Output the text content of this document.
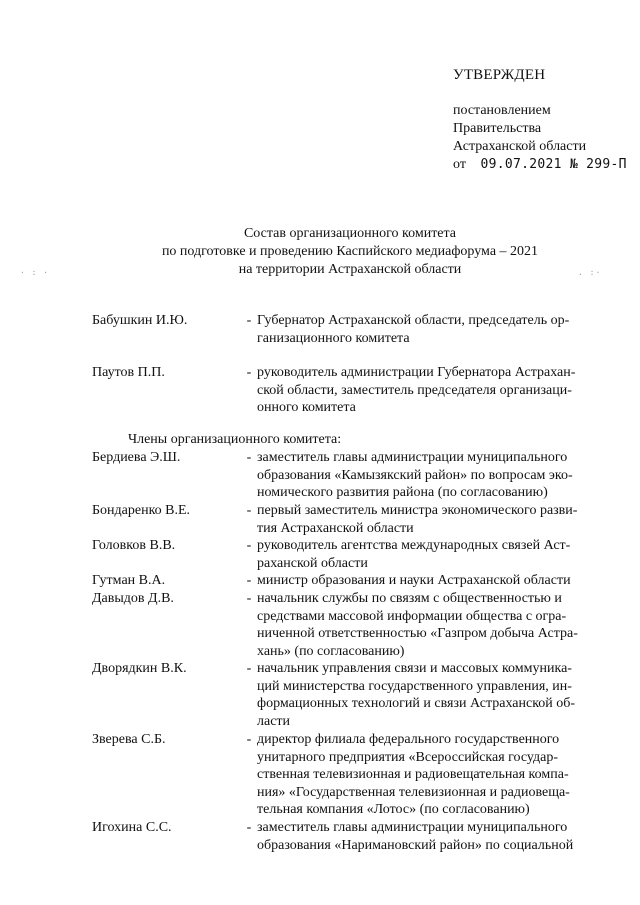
УТВЕРЖДЕН
постановлением
Правительства
Астраханской области
от 09.07.2021 № 299-П
· : ·	. :·
Состав организационного комитета
по подготовке и проведению Каспийского медиафорума – 2021
на территории Астраханской области
Бабушкин И.Ю.	- Губернатор Астраханской области, председатель ор-
ганизационного комитета
Паутов П.П.	- руководитель администрации Губернатора Астрахан-
ской области, заместитель председателя организаци-
онного комитета
Члены организационного комитета:
Бердиева Э.Ш.	- заместитель главы администрации муниципального
образования «Камызякский район» по вопросам эко-
номического развития района (по согласованию)
Бондаренко В.Е.	- первый заместитель министра экономического разви-
тия Астраханской области
Головков В.В.	- руководитель агентства международных связей Аст-
раханской области
Гутман В.А.	- министр образования и науки Астраханской области
Давыдов Д.В.	- начальник службы по связям с общественностью и
средствами массовой информации общества с огра-
ниченной ответственностью «Газпром добыча Астра-
хань» (по согласованию)
Дворядкин В.К.	- начальник управления связи и массовых коммуника-
ций министерства государственного управления, ин-
формационных технологий и связи Астраханской об-
ласти
Зверева С.Б.	- директор филиала федерального государственного
унитарного предприятия «Всероссийская государ-
ственная телевизионная и радиовещательная компа-
ния» «Государственная телевизионная и радиовеща-
тельная компания «Лотос» (по согласованию)
Игохина С.С.	- заместитель главы администрации муниципального
образования «Наримановский район» по социальной
